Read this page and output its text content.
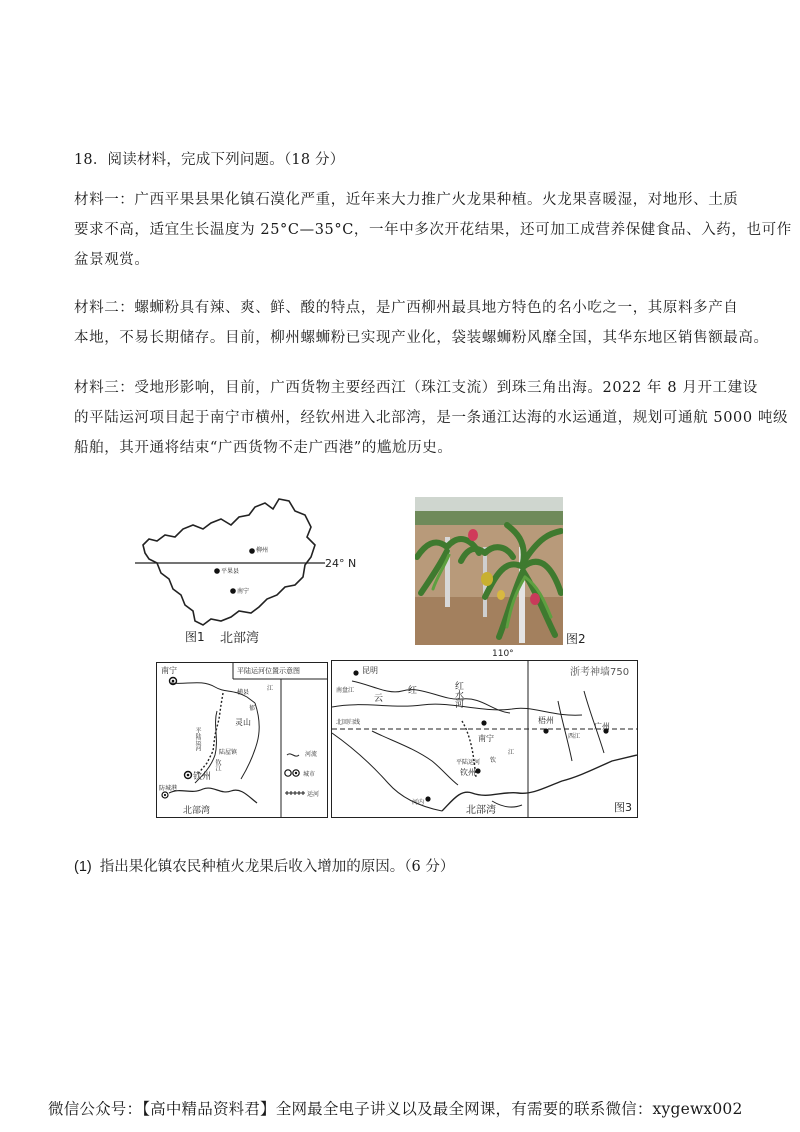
18．阅读材料，完成下列问题。（18 分）
材料一：广西平果县果化镇石漠化严重，近年来大力推广火龙果种植。火龙果喜暖湿，对地形、土质
要求不高，适宜生长温度为 25°C—35°C，一年中多次开花结果，还可加工成营养保健食品、入药，也可作
盆景观赏。
材料二：螺蛳粉具有辣、爽、鲜、酸的特点，是广西柳州最具地方特色的名小吃之一，其原料多产自
本地，不易长期储存。目前，柳州螺蛳粉已实现产业化，袋装螺蛳粉风靡全国，其华东地区销售额最高。
材料三：受地形影响，目前，广西货物主要经西江（珠江支流）到珠三角出海。2022 年 8 月开工建设
的平陆运河项目起于南宁市横州，经钦州进入北部湾，是一条通江达海的水运通道，规划可通航 5000 吨级
船舶，其开通将结束“广西货物不走广西港”的尴尬历史。
24° N
柳州
平果县
南宁
图1 北部湾	图2
平陆运河位置示意图
南宁
横县
江
郁
灵山
平陆运河
陆屋镇
钦江
钦州
防城港
北部湾
河流
城市
运河
110°
浙考神墙750
昆明
南盘江
云	红水河
红
北回归线	梧州
广州
西江
南宁
平陆运河
钦州
钦
江
河内
北部湾	图3
(1) 指出果化镇农民种植火龙果后收入增加的原因。（6 分）
微信公众号：【高中精品资料君】全网最全电子讲义以及最全网课，有需要的联系微信：xygewx002
